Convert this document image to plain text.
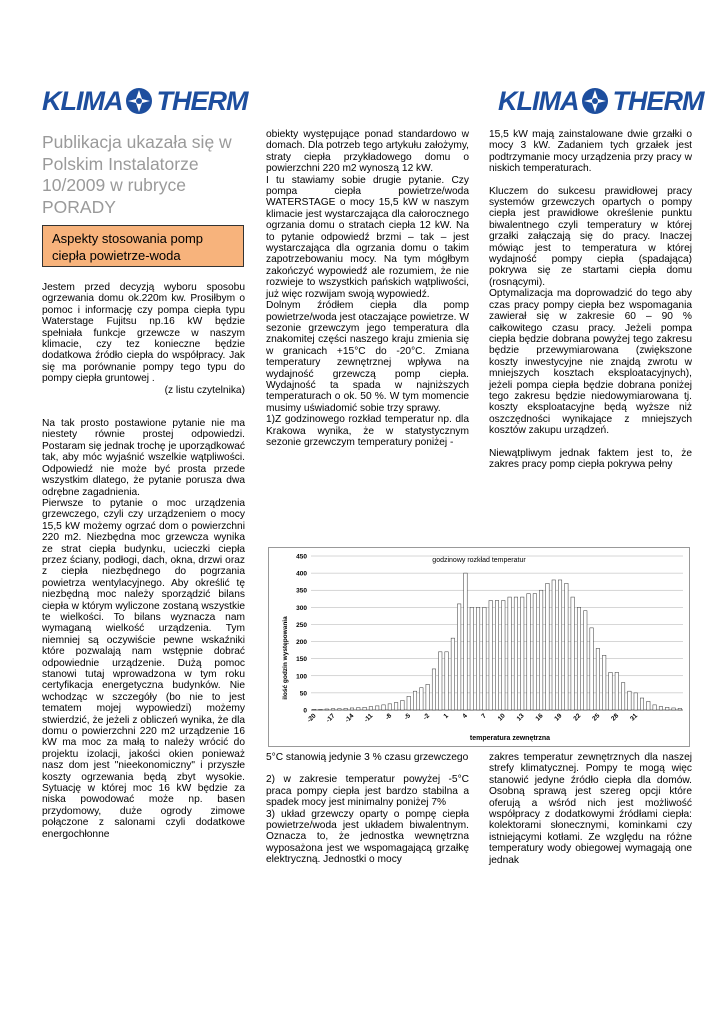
KLIMA THERM	KLIMA THERM
Publikacja ukazała się w Polskim Instalatorze 10/2009 w rubryce PORADY
Aspekty stosowania pomp ciepła powietrze-woda

Jestem przed decyzją wyboru sposobu ogrzewania domu ok.220m kw. Prosiłbym o pomoc i informację czy pompa ciepła typu Waterstage Fujitsu np.16 kW będzie spełniała funkcje grzewcze w naszym klimacie, czy tez konieczne będzie dodatkowa źródło ciepła do współpracy. Jak się ma porównanie pompy tego typu do pompy ciepła gruntowej .

(z listu czytelnika)

Na tak prosto postawione pytanie nie ma niestety równie prostej odpowiedzi. Postaram się jednak trochę je uporządkować tak, aby móc wyjaśnić wszelkie wątpliwości. Odpowiedź nie może być prosta przede wszystkim dlatego, że pytanie porusza dwa odrębne zagadnienia.

Pierwsze to pytanie o moc urządzenia grzewczego, czyli czy urządzeniem o mocy 15,5 kW możemy ogrzać dom o powierzchni 220 m2. Niezbędna moc grzewcza wynika ze strat ciepła budynku, ucieczki ciepła przez ściany, podłogi, dach, okna, drzwi oraz z ciepła niezbędnego do pogrzania powietrza wentylacyjnego. Aby określić tę niezbędną moc należy sporządzić bilans ciepła w którym wyliczone zostaną wszystkie te wielkości. To bilans wyznacza nam wymaganą wielkość urządzenia. Tym niemniej są oczywiście pewne wskaźniki które pozwalają nam wstępnie dobrać odpowiednie urządzenie. Dużą pomoc stanowi tutaj wprowadzona w tym roku certyfikacja energetyczna budynków. Nie wchodząc w szczegóły (bo nie to jest tematem mojej wypowiedzi) możemy stwierdzić, że jeżeli z obliczeń wynika, że dla domu o powierzchni 220 m2 urządzenie 16 kW ma moc za małą to należy wrócić do projektu izolacji, jakości okien ponieważ nasz dom jest "nieekonomiczny" i przyszłe koszty ogrzewania będą zbyt wysokie. Sytuację w której moc 16 kW będzie za niska powodować może np. basen przydomowy, duże ogrody zimowe połączone z salonami czyli dodatkowe energochłonne

obiekty występujące ponad standardowo w domach. Dla potrzeb tego artykułu założymy, straty ciepła przykładowego domu o powierzchni 220 m2 wynoszą 12 kW.

I tu stawiamy sobie drugie pytanie. Czy pompa ciepła powietrze/woda WATERSTAGE o mocy 15,5 kW w naszym klimacie jest wystarczająca dla całorocznego ogrzania domu o stratach ciepła 12 kW. Na to pytanie odpowiedź brzmi – tak – jest wystarczająca dla ogrzania domu o takim zapotrzebowaniu mocy. Na tym mógłbym zakończyć wypowiedź ale rozumiem, że nie rozwieje to wszystkich pańskich wątpliwości, już więc rozwijam swoją wypowiedź.

Dolnym źródłem ciepła dla pomp powietrze/woda jest otaczające powietrze. W sezonie grzewczym jego temperatura dla znakomitej części naszego kraju zmienia się w granicach +15°C do -20°C. Zmiana temperatury zewnętrznej wpływa na wydajność grzewczą pomp ciepła. Wydajność ta spada w najniższych temperaturach o ok. 50 %. W tym momencie musimy uświadomić sobie trzy sprawy.

1)Z godzinowego rozkład temperatur np. dla Krakowa wynika, że w statystycznym sezonie grzewczym temperatury poniżej -

15,5 kW mają zainstalowane dwie grzałki o mocy 3 kW. Zadaniem tych grzałek jest podtrzymanie mocy urządzenia przy pracy w niskich temperaturach.

Kluczem do sukcesu prawidłowej pracy systemów grzewczych opartych o pompy ciepła jest prawidłowe określenie punktu biwalentnego czyli temperatury w której grzałki załączają się do pracy. Inaczej mówiąc jest to temperatura w której wydajność pompy ciepła (spadająca) pokrywa się ze startami ciepła domu (rosnącymi).

Optymalizacja ma doprowadzić do tego aby czas pracy pompy ciepła bez wspomagania zawierał się w zakresie 60 – 90 % całkowitego czasu pracy. Jeżeli pompa ciepła będzie dobrana powyżej tego zakresu będzie przewymiarowana (zwiększone koszty inwestycyjne nie znajdą zwrotu w mniejszych kosztach eksploatacyjnych), jeżeli pompa ciepła będzie dobrana poniżej tego zakresu będzie niedowymiarowana tj. koszty eksploatacyjne będą wyższe niż oszczędności wynikające z mniejszych kosztów zakupu urządzeń.

Niewątpliwym jednak faktem jest to, że zakres pracy pomp ciepła pokrywa pełny

godzinowy rozkład temperatur
temperatura zewnętrzna
ilość godzin występowania
0
50
100
150
200
250
300
350
400
450
-20 -17 -14 -11 -8 -5 -2 1 4 7 10 13 16 19 22 25 28 31

5°C stanowią jedynie 3 % czasu grzewczego

2) w zakresie temperatur powyżej -5°C praca pompy ciepła jest bardzo stabilna a spadek mocy jest minimalny poniżej 7%

3) układ grzewczy oparty o pompę ciepła powietrze/woda jest układem biwalentnym. Oznacza to, że jednostka wewnętrzna wyposażona jest we wspomagającą grzałkę elektryczną. Jednostki o mocy

zakres temperatur zewnętrznych dla naszej strefy klimatycznej. Pompy te mogą więc stanowić jedyne źródło ciepła dla domów. Osobną sprawą jest szereg opcji które oferują a wśród nich jest możliwość współpracy z dodatkowymi źródłami ciepła: kolektorami słonecznymi, kominkami czy istniejącymi kotłami. Ze względu na różne temperatury wody obiegowej wymagają one jednak
